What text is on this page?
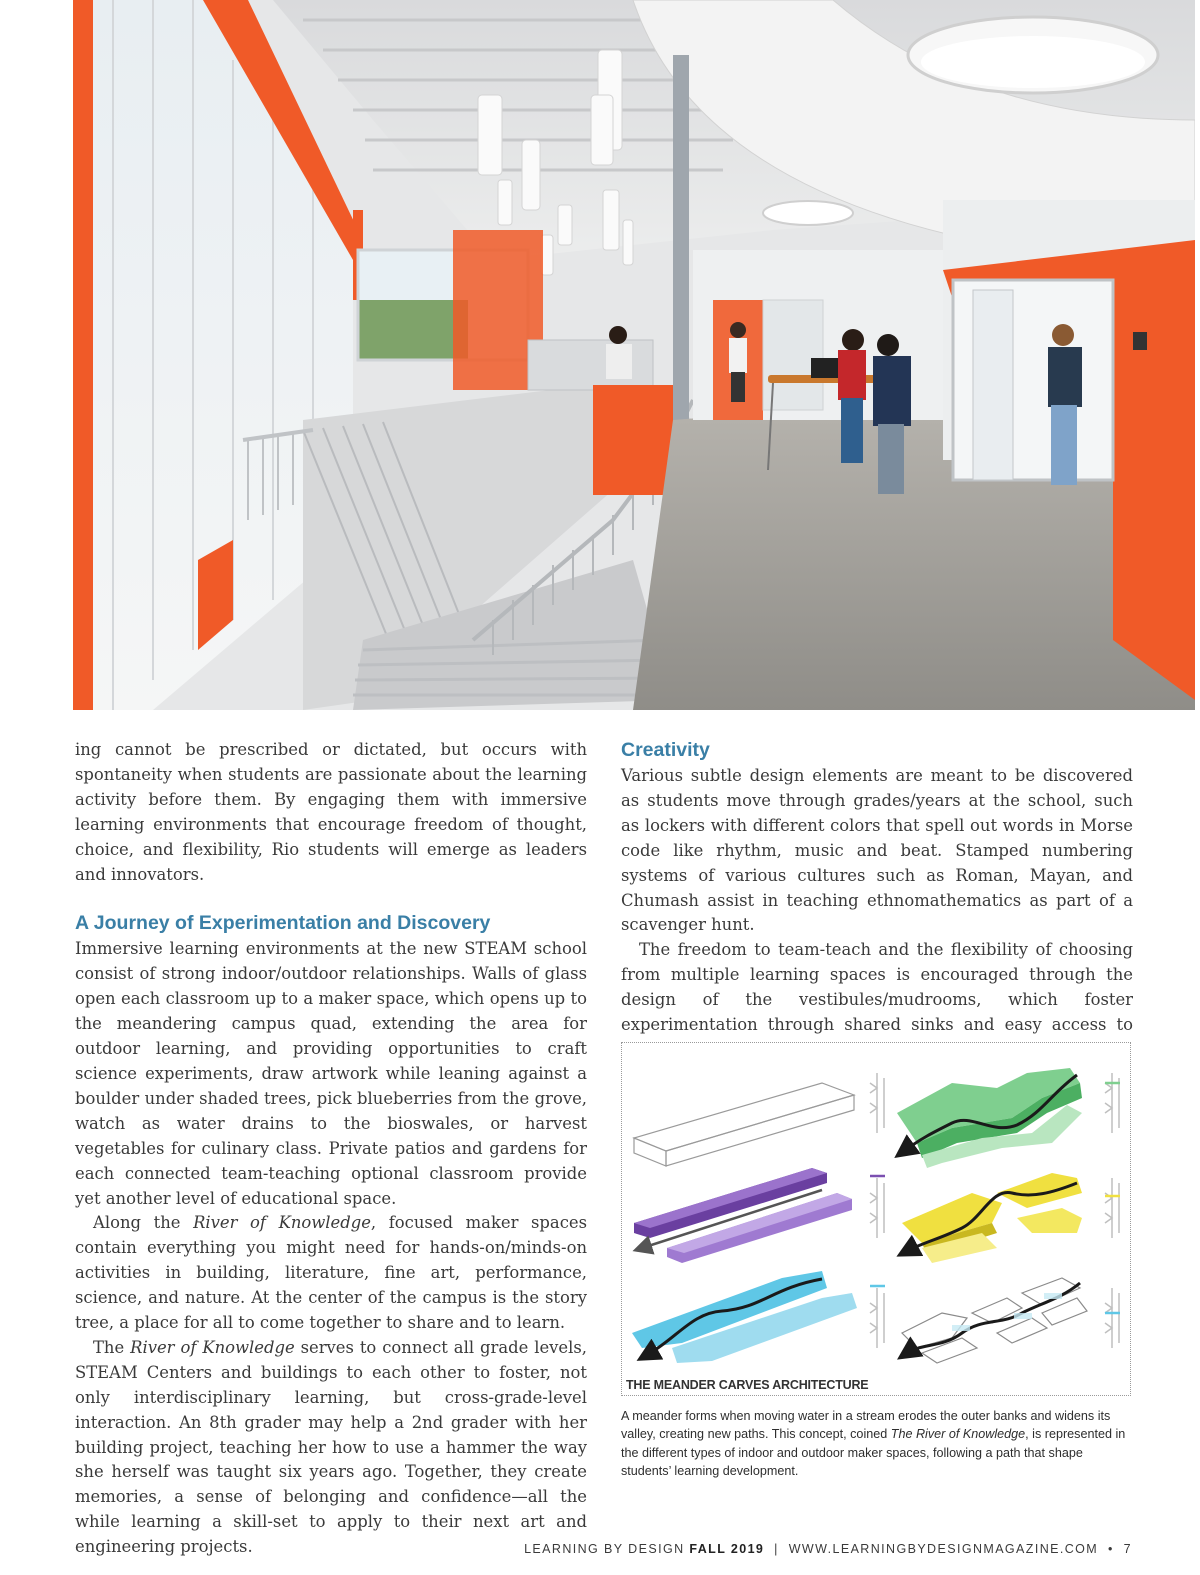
ing cannot be prescribed or dictated, but occurs with spontaneity when students are passionate about the learning activity before them. By engaging them with immersive learning environments that encourage freedom of thought, choice, and flexibility, Rio students will emerge as leaders and innovators.

A Journey of Experimentation and Discovery

Immersive learning environments at the new STEAM school consist of strong indoor/outdoor relationships. Walls of glass open each classroom up to a maker space, which opens up to the meandering campus quad, extending the area for outdoor learning, and providing opportunities to craft science experiments, draw artwork while leaning against a boulder under shaded trees, pick blueberries from the grove, watch as water drains to the bioswales, or harvest vegetables for culinary class. Private patios and gardens for each connected team-teaching optional classroom provide yet another level of educational space.

Along the River of Knowledge, focused maker spaces contain everything you might need for hands-on/minds-on activities in building, literature, fine art, performance, science, and nature. At the center of the campus is the story tree, a place for all to come together to share and to learn.

The River of Knowledge serves to connect all grade levels, STEAM Centers and buildings to each other to foster, not only interdisciplinary learning, but cross-grade-level interaction. An 8th grader may help a 2nd grader with her building project, teaching her how to use a hammer the way she herself was taught six years ago. Together, they create memories, a sense of belonging and confidence—all the while learning a skill-set to apply to their next art and engineering projects.

Creativity

Various subtle design elements are meant to be discovered as students move through grades/years at the school, such as lockers with different colors that spell out words in Morse code like rhythm, music and beat. Stamped numbering systems of various cultures such as Roman, Mayan, and Chumash assist in teaching ethnomathematics as part of a scavenger hunt.

The freedom to team-teach and the flexibility of choosing from multiple learning spaces is encouraged through the design of the vestibules/mudrooms, which foster experimentation through shared sinks and easy access to

THE MEANDER CARVES ARCHITECTURE
A meander forms when moving water in a stream erodes the outer banks and widens its valley, creating new paths. This concept, coined The River of Knowledge, is represented in the different types of indoor and outdoor maker spaces, following a path that shape students’ learning development.
LEARNING BY DESIGN FALL 2019 | WWW.LEARNINGBYDESIGNMAGAZINE.COM • 7
